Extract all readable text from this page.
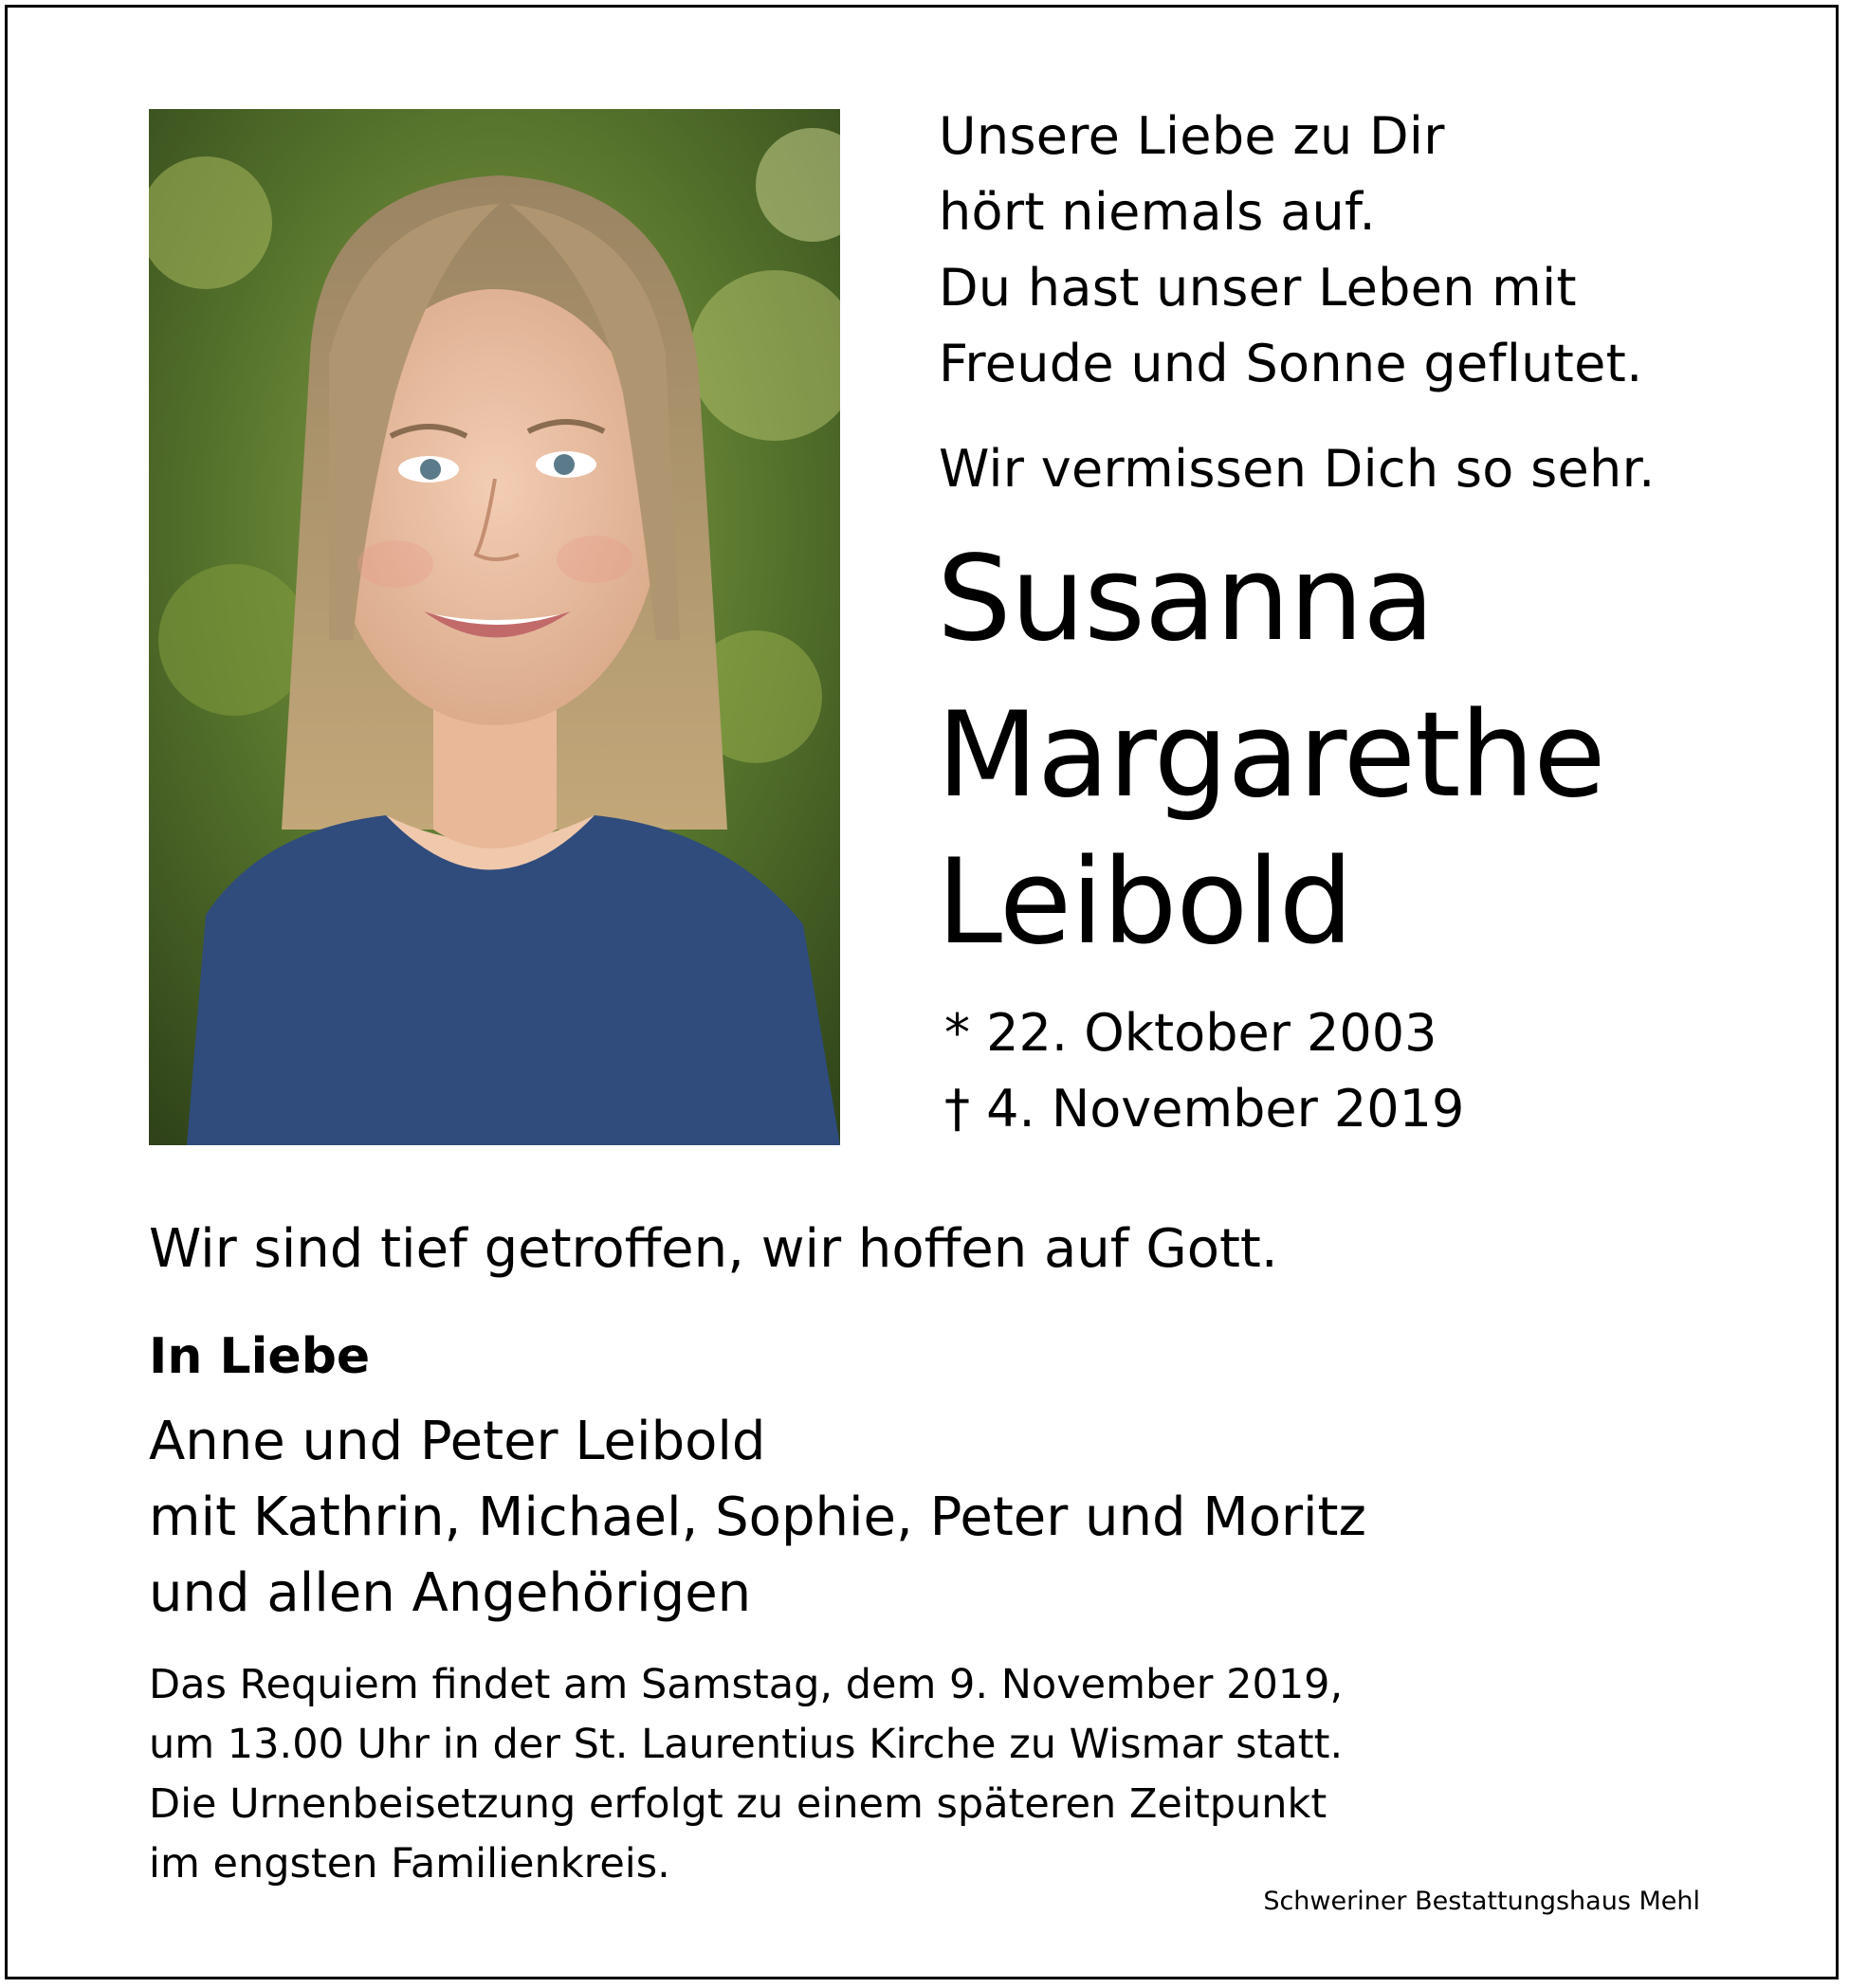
Unsere Liebe zu Dir
hört niemals auf.
Du hast unser Leben mit
Freude und Sonne geflutet.
Wir vermissen Dich so sehr.
Susanna
Margarethe
Leibold
* 22. Oktober 2003
† 4. November 2019
Wir sind tief getroffen, wir hoffen auf Gott.
In Liebe
Anne und Peter Leibold
mit Kathrin, Michael, Sophie, Peter und Moritz
und allen Angehörigen
Das Requiem findet am Samstag, dem 9. November 2019,
um 13.00 Uhr in der St. Laurentius Kirche zu Wismar statt.
Die Urnenbeisetzung erfolgt zu einem späteren Zeitpunkt
im engsten Familienkreis.
Schweriner Bestattungshaus Mehl
